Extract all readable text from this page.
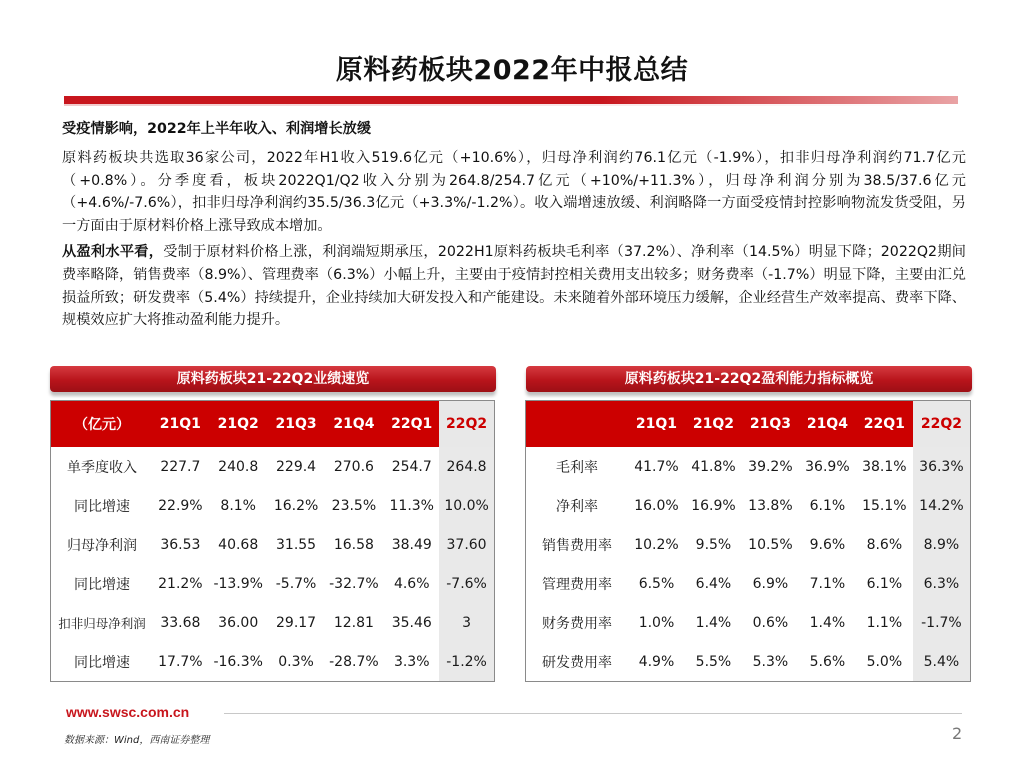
原料药板块2022年中报总结

受疫情影响，2022年上半年收入、利润增长放缓

原料药板块共选取36家公司，2022年H1收入519.6亿元（+10.6%），归母净利润约76.1亿元（-1.9%），扣非归母净利润约71.7亿元（+0.8%）。分季度看，板块2022Q1/Q2收入分别为264.8/254.7亿元（+10%/+11.3%），归母净利润分别为38.5/37.6亿元（+4.6%/-7.6%），扣非归母净利润约35.5/36.3亿元（+3.3%/-1.2%）。收入端增速放缓、利润略降一方面受疫情封控影响物流发货受阻，另一方面由于原材料价格上涨导致成本增加。

从盈利水平看，受制于原材料价格上涨，利润端短期承压，2022H1原料药板块毛利率（37.2%）、净利率（14.5%）明显下降；2022Q2期间费率略降，销售费率（8.9%）、管理费率（6.3%）小幅上升，主要由于疫情封控相关费用支出较多；财务费率（-1.7%）明显下降，主要由汇兑损益所致；研发费率（5.4%）持续提升，企业持续加大研发投入和产能建设。未来随着外部环境压力缓解，企业经营生产效率提高、费率下降、规模效应扩大将推动盈利能力提升。

原料药板块21-22Q2业绩速览	原料药板块21-22Q2盈利能力指标概览
（亿元）	21Q1	21Q2	21Q3	21Q4	22Q1	22Q2
单季度收入	227.7	240.8	229.4	270.6	254.7	264.8
同比增速	22.9%	8.1%	16.2%	23.5%	11.3%	10.0%
归母净利润	36.53	40.68	31.55	16.58	38.49	37.60
同比增速	21.2%	-13.9%	-5.7%	-32.7%	4.6%	-7.6%
扣非归母净利润	33.68	36.00	29.17	12.81	35.46	3
同比增速	17.7%	-16.3%	0.3%	-28.7%	3.3%	-1.2%
	21Q1	21Q2	21Q3	21Q4	22Q1	22Q2
毛利率	41.7%	41.8%	39.2%	36.9%	38.1%	36.3%
净利率	16.0%	16.9%	13.8%	6.1%	15.1%	14.2%
销售费用率	10.2%	9.5%	10.5%	9.6%	8.6%	8.9%
管理费用率	6.5%	6.4%	6.9%	7.1%	6.1%	6.3%
财务费用率	1.0%	1.4%	0.6%	1.4%	1.1%	-1.7%
研发费用率	4.9%	5.5%	5.3%	5.6%	5.0%	5.4%
www.swsc.com.cn
数据来源：Wind，西南证券整理	2
